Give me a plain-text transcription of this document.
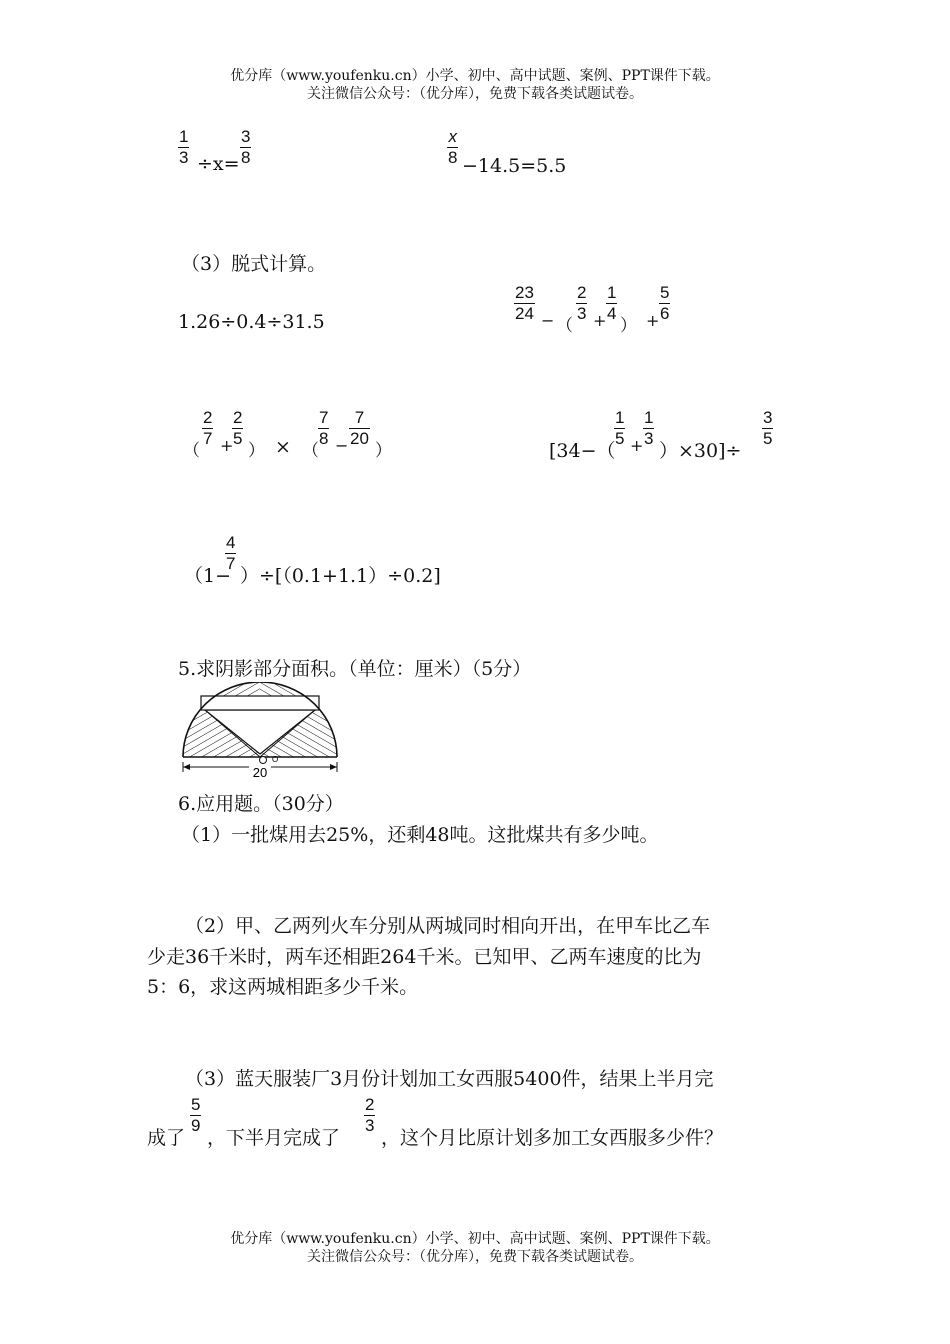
优分库（www.youfenku.cn）小学、初中、高中试题、案例、PPT课件下载。
关注微信公众号：（优分库），免费下载各类试题试卷。
$\frac{1}{3} \div x= \frac{3}{8}$	$\frac{x}{8} -14.5=5.5$
（3）脱式计算。
1.26÷0.4÷31.5	$\frac{23}{24}$ − （
$\frac{2}{3} + \frac{1}{4}$
） + $\frac{5}{6}$
（
$\frac{2}{7}$ +
$\frac{2}{5}$
） × （
$\frac{7}{8} - \frac{7}{20}$
）	[34−（
$\frac{1}{5} + \frac{1}{3}$
）×30]÷
$\frac{3}{5}$
（1−
$\frac{4}{7}$
）÷[（0.1+1.1）÷0.2]
5.求阴影部分面积。（单位：厘米）（5分）
20
O
6.应用题。（30分）
（1）一批煤用去25%，还剩48吨。这批煤共有多少吨。
（2）甲、乙两列火车分别从两城同时相向开出，在甲车比乙车
少走36千米时，两车还相距264千米。已知甲、乙两车速度的比为
5：6，求这两城相距多少千米。
（3）蓝天服装厂3月份计划加工女西服5400件，结果上半月完
成了
$\frac{5}{9}$
，下半月完成了
$\frac{2}{3}$
，这个月比原计划多加工女西服多少件？
优分库（www.youfenku.cn）小学、初中、高中试题、案例、PPT课件下载。
关注微信公众号：（优分库），免费下载各类试题试卷。
